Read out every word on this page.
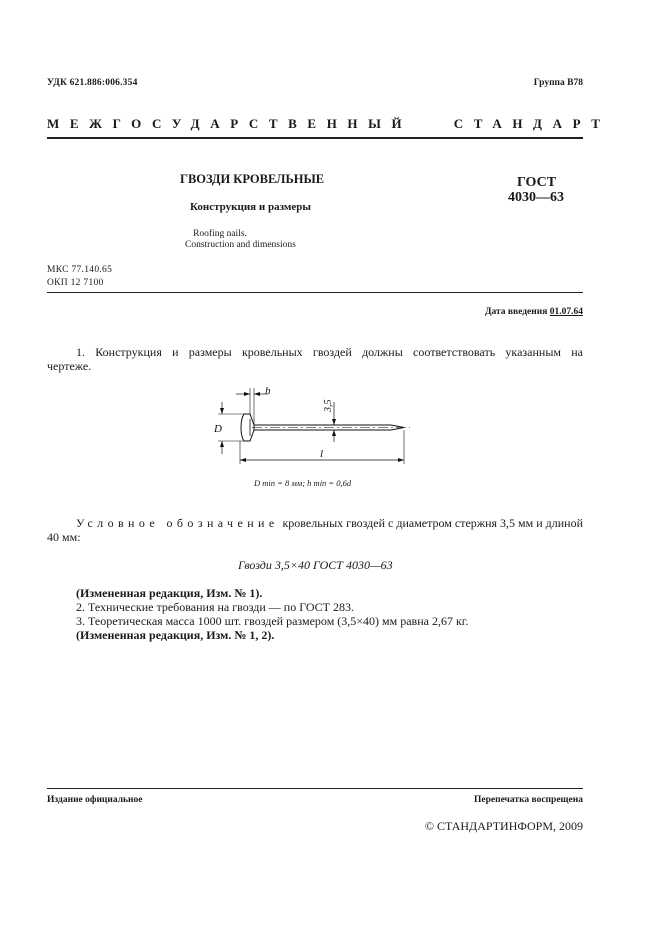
УДК 621.886:006.354	Группа В78
МЕЖГОСУДАРСТВЕННЫЙ   СТАНДАРТ
ГВОЗДИ КРОВЕЛЬНЫЕ
Конструкция и размеры
Roofing nails.
Construction and dimensions
ГОСТ
4030—63
МКС 77.140.65
ОКП 12 7100
Дата введения 01.07.64
1. Конструкция и размеры кровельных гвоздей должны соответствовать указанным на
чертеже.
h
D
3,5
l
D min = 8 мм; h min = 0,6d
Условное обозначение кровельных гвоздей с диаметром стержня 3,5 мм и длиной
40 мм:
Гвозди 3,5×40 ГОСТ 4030—63
(Измененная редакция, Изм. № 1).
2. Технические требования на гвозди — по ГОСТ 283.
3. Теоретическая масса 1000 шт. гвоздей размером (3,5×40) мм равна 2,67 кг.
(Измененная редакция, Изм. № 1, 2).
Издание официальное	Перепечатка воспрещена
© СТАНДАРТИНФОРМ, 2009
